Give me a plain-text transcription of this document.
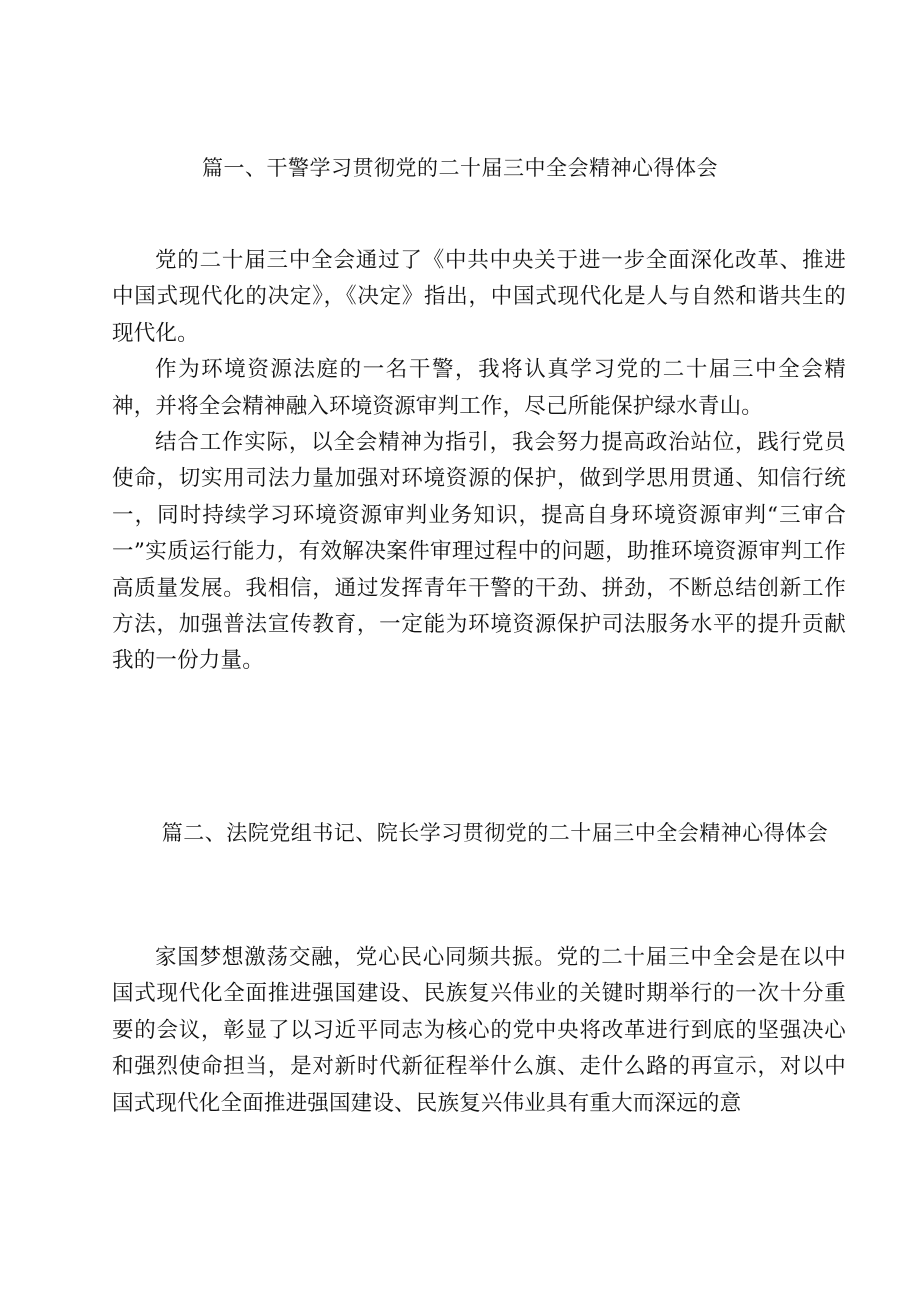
篇一、干警学习贯彻党的二十届三中全会精神心得体会

党的二十届三中全会通过了《中共中央关于进一步全面深化改革、推进中国式现代化的决定》，《决定》指出，中国式现代化是人与自然和谐共生的现代化。

作为环境资源法庭的一名干警，我将认真学习党的二十届三中全会精神，并将全会精神融入环境资源审判工作，尽己所能保护绿水青山。

结合工作实际，以全会精神为指引，我会努力提高政治站位，践行党员使命，切实用司法力量加强对环境资源的保护，做到学思用贯通、知信行统一，同时持续学习环境资源审判业务知识，提高自身环境资源审判“三审合一”实质运行能力，有效解决案件审理过程中的问题，助推环境资源审判工作高质量发展。我相信，通过发挥青年干警的干劲、拼劲，不断总结创新工作方法，加强普法宣传教育，一定能为环境资源保护司法服务水平的提升贡献我的一份力量。

篇二、法院党组书记、院长学习贯彻党的二十届三中全会精神心得体会

家国梦想激荡交融，党心民心同频共振。党的二十届三中全会是在以中国式现代化全面推进强国建设、民族复兴伟业的关键时期举行的一次十分重要的会议，彰显了以习近平同志为核心的党中央将改革进行到底的坚强决心和强烈使命担当，是对新时代新征程举什么旗、走什么路的再宣示，对以中国式现代化全面推进强国建设、民族复兴伟业具有重大而深远的意
